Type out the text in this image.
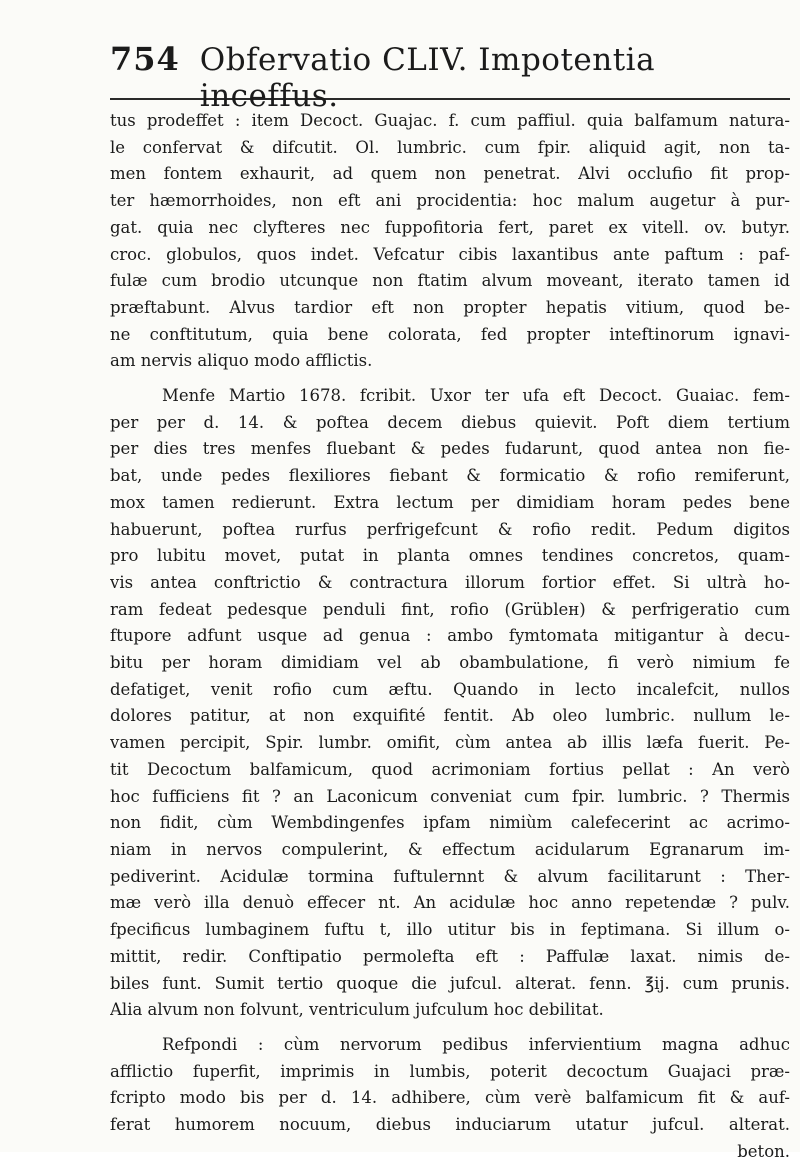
754 Obfervatio CLIV. Impotentia inceffus.
tus prodeffet : item Decoct. Guajac. f. cum paffiul. quia balfamum natura-
le confervat & difcutit. Ol. lumbric. cum fpir. aliquid agit, non ta-
men fontem exhaurit, ad quem non penetrat. Alvi occlufio fit prop-
ter hæmorrhoides, non eft ani procidentia: hoc malum augetur à pur-
gat. quia nec clyfteres nec fuppofitoria fert, paret ex vitell. ov. butyr.
croc. globulos, quos indet. Vefcatur cibis laxantibus ante paftum : paf-
fulæ cum brodio utcunque non ftatim alvum moveant, iterato tamen id
præftabunt. Alvus tardior eft non propter hepatis vitium, quod be-
ne conftitutum, quia bene colorata, fed propter inteftinorum ignavi-
am nervis aliquo modo afflictis.
Menfe Martio 1678. fcribit. Uxor ter ufa eft Decoct. Guaiac. fem-
per per d. 14. & poftea decem diebus quievit. Poft diem tertium
per dies tres menfes fluebant & pedes fudarunt, quod antea non fie-
bat, unde pedes flexiliores fiebant & formicatio & rofio remiferunt,
mox tamen redierunt. Extra lectum per dimidiam horam pedes bene
habuerunt, poftea rurfus perfrigefcunt & rofio redit. Pedum digitos
pro lubitu movet, putat in planta omnes tendines concretos, quam-
vis antea conftrictio & contractura illorum fortior effet. Si ultrà ho-
ram fedeat pedesque penduli fint, rofio (Grübleн) & perfrigeratio cum
ftupore adfunt usque ad genua : ambo fymtomata mitigantur à decu-
bitu per horam dimidiam vel ab obambulatione, fi verò nimium fe
defatiget, venit rofio cum æftu. Quando in lecto incalefcit, nullos
dolores patitur, at non exquifité fentit. Ab oleo lumbric. nullum le-
vamen percipit, Spir. lumbr. omifit, cùm antea ab illis læfa fuerit. Pe-
tit Decoctum balfamicum, quod acrimoniam fortius pellat : An verò
hoc fufficiens fit ? an Laconicum conveniat cum fpir. lumbric. ? Thermis
non fidit, cùm Wembdingenfes ipfam nimiùm calefecerint ac acrimo-
niam in nervos compulerint, & effectum acidularum Egranarum im-
pediverint. Acidulæ tormina fuftulernnt & alvum facilitarunt : Ther-
mæ verò illa denuò effecer nt. An acidulæ hoc anno repetendæ ? pulv.
fpecificus lumbaginem fuftu t, illo utitur bis in feptimana. Si illum o-
mittit, redir. Conftipatio permolefta eft : Paffulæ laxat. nimis de-
biles funt. Sumit tertio quoque die jufcul. alterat. fenn. ℥ij. cum prunis.
Alia alvum non folvunt, ventriculum jufculum hoc debilitat.
Refpondi : cùm nervorum pedibus infervientium magna adhuc
afflictio fuperfit, imprimis in lumbis, poterit decoctum Guajaci præ-
fcripto modo bis per d. 14. adhibere, cùm verè balfamicum fit & auf-
ferat humorem nocuum, diebus induciarum utatur jufcul. alterat.
beton.
